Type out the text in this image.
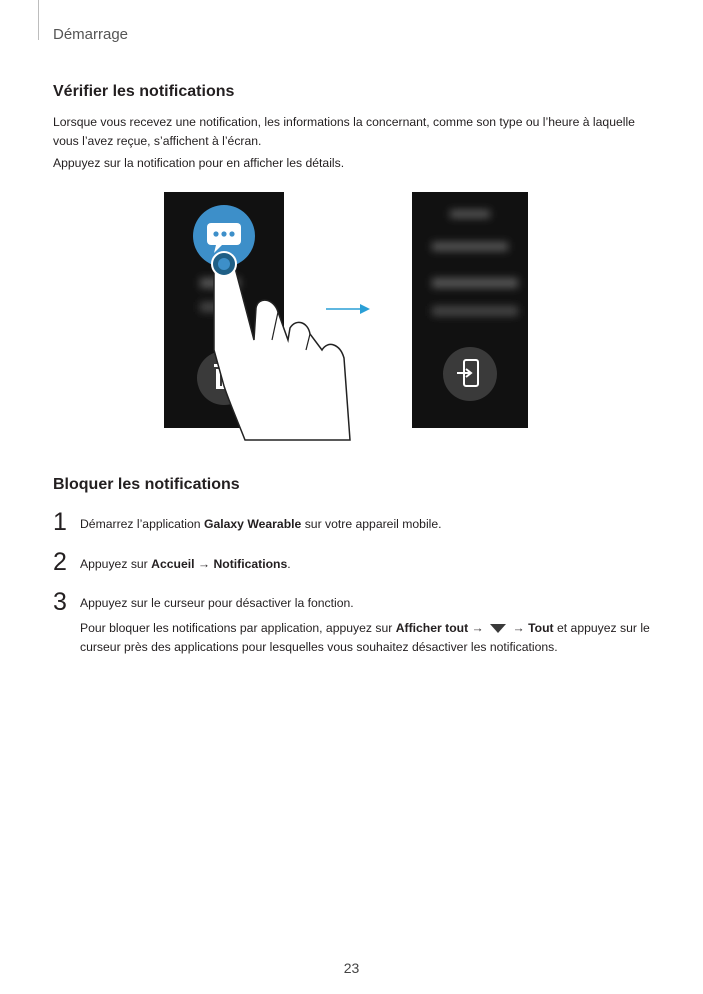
Démarrage
Vérifier les notifications
Lorsque vous recevez une notification, les informations la concernant, comme son type ou l’heure à laquelle vous l’avez reçue, s’affichent à l’écran.
Appuyez sur la notification pour en afficher les détails.
Bloquer les notifications
1 Démarrez l’application Galaxy Wearable sur votre appareil mobile.
2 Appuyez sur Accueil → Notifications.
3 Appuyez sur le curseur pour désactiver la fonction.
Pour bloquer les notifications par application, appuyez sur Afficher tout →  → Tout et appuyez sur le curseur près des applications pour lesquelles vous souhaitez désactiver les notifications.
23
